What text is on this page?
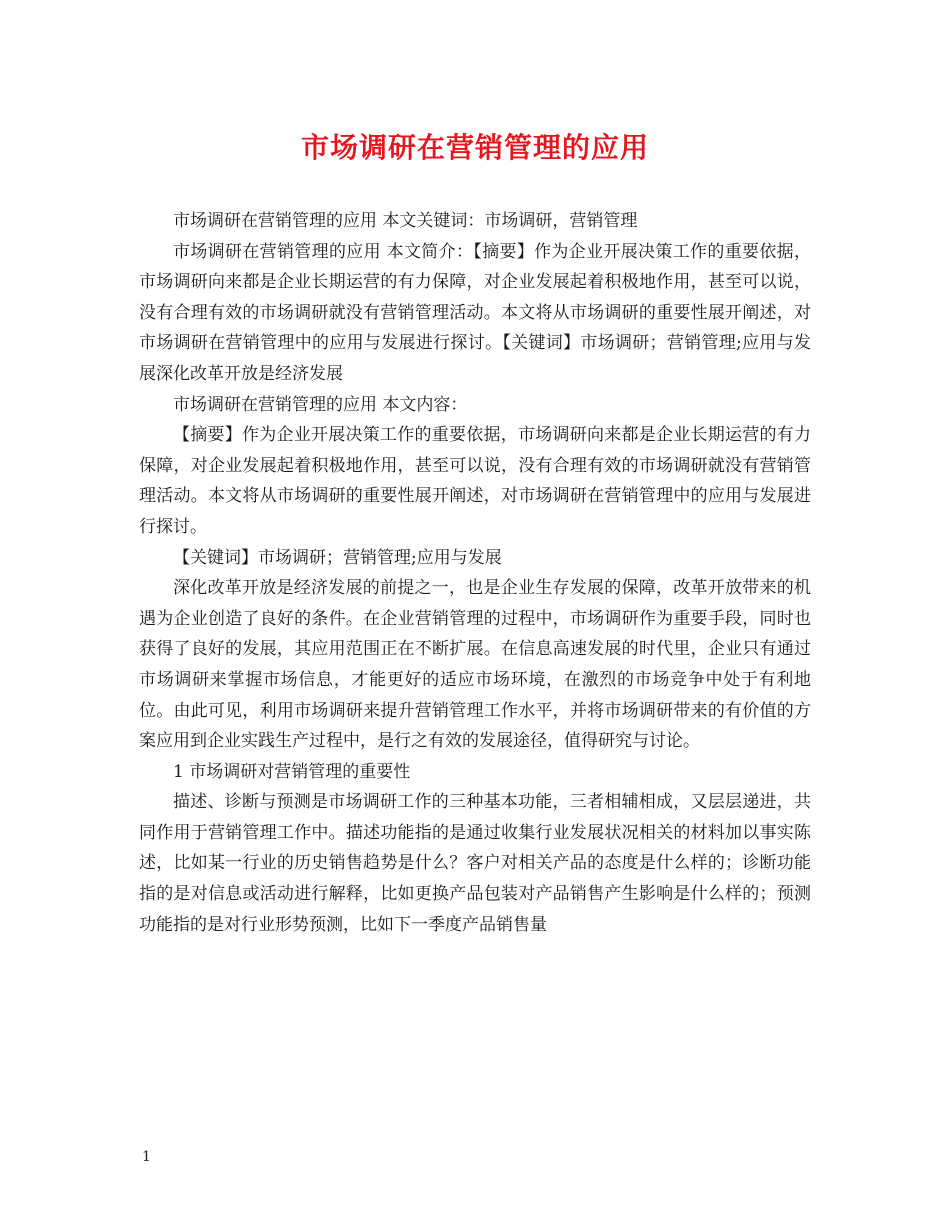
市场调研在营销管理的应用

市场调研在营销管理的应用 本文关键词：市场调研，营销管理

市场调研在营销管理的应用 本文简介：【摘要】作为企业开展决策工作的重要依据，市场调研向来都是企业长期运营的有力保障，对企业发展起着积极地作用，甚至可以说，没有合理有效的市场调研就没有营销管理活动。本文将从市场调研的重要性展开阐述，对市场调研在营销管理中的应用与发展进行探讨。【关键词】市场调研；营销管理;应用与发展深化改革开放是经济发展

市场调研在营销管理的应用 本文内容：

【摘要】作为企业开展决策工作的重要依据，市场调研向来都是企业长期运营的有力保障，对企业发展起着积极地作用，甚至可以说，没有合理有效的市场调研就没有营销管理活动。本文将从市场调研的重要性展开阐述，对市场调研在营销管理中的应用与发展进行探讨。

【关键词】市场调研；营销管理;应用与发展

深化改革开放是经济发展的前提之一，也是企业生存发展的保障，改革开放带来的机遇为企业创造了良好的条件。在企业营销管理的过程中，市场调研作为重要手段，同时也获得了良好的发展，其应用范围正在不断扩展。在信息高速发展的时代里，企业只有通过市场调研来掌握市场信息，才能更好的适应市场环境，在激烈的市场竞争中处于有利地位。由此可见，利用市场调研来提升营销管理工作水平，并将市场调研带来的有价值的方案应用到企业实践生产过程中，是行之有效的发展途径，值得研究与讨论。

1 市场调研对营销管理的重要性

描述、诊断与预测是市场调研工作的三种基本功能，三者相辅相成，又层层递进，共同作用于营销管理工作中。描述功能指的是通过收集行业发展状况相关的材料加以事实陈述，比如某一行业的历史销售趋势是什么？客户对相关产品的态度是什么样的；诊断功能指的是对信息或活动进行解释，比如更换产品包装对产品销售产生影响是什么样的；预测功能指的是对行业形势预测，比如下一季度产品销售量

1
